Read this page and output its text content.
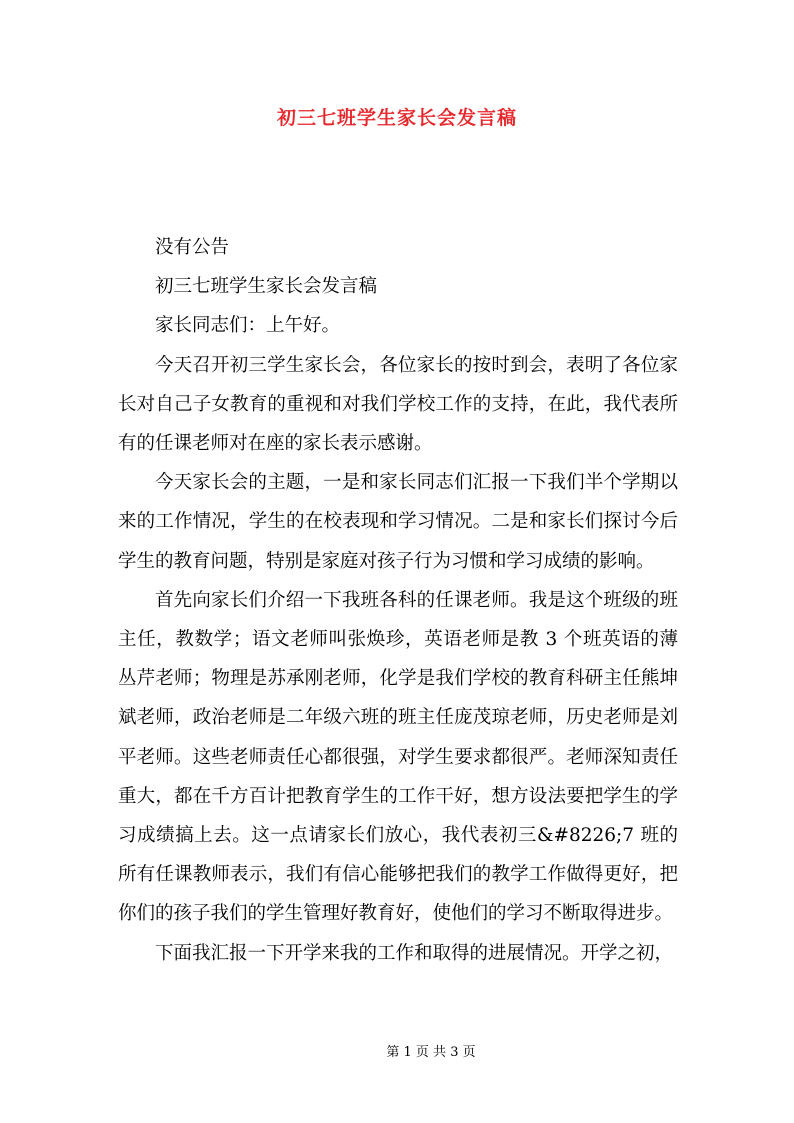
初三七班学生家长会发言稿

没有公告

初三七班学生家长会发言稿

家长同志们：上午好。

今天召开初三学生家长会，各位家长的按时到会，表明了各位家长对自己子女教育的重视和对我们学校工作的支持，在此，我代表所有的任课老师对在座的家长表示感谢。

今天家长会的主题，一是和家长同志们汇报一下我们半个学期以来的工作情况，学生的在校表现和学习情况。二是和家长们探讨今后学生的教育问题，特别是家庭对孩子行为习惯和学习成绩的影响。

首先向家长们介绍一下我班各科的任课老师。我是这个班级的班主任，教数学；语文老师叫张焕珍，英语老师是教 3 个班英语的薄丛芹老师；物理是苏承刚老师，化学是我们学校的教育科研主任熊坤斌老师，政治老师是二年级六班的班主任庞茂琼老师，历史老师是刘平老师。这些老师责任心都很强，对学生要求都很严。老师深知责任重大，都在千方百计把教育学生的工作干好，想方设法要把学生的学习成绩搞上去。这一点请家长们放心，我代表初三&#8226;7 班的所有任课教师表示，我们有信心能够把我们的教学工作做得更好，把你们的孩子我们的学生管理好教育好，使他们的学习不断取得进步。

下面我汇报一下开学来我的工作和取得的进展情况。开学之初，

第 1 页 共 3 页
